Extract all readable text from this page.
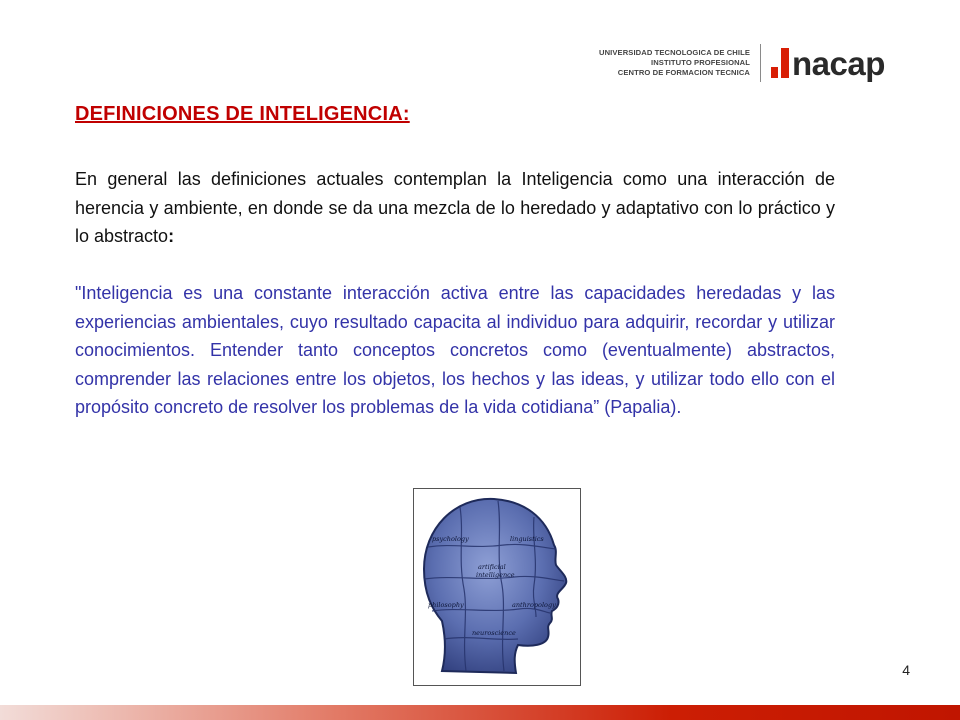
UNIVERSIDAD TECNOLOGICA DE CHILE
INSTITUTO PROFESIONAL
CENTRO DE FORMACION TECNICA nacap
DEFINICIONES DE INTELIGENCIA:

En general las definiciones actuales contemplan la Inteligencia como una interacción de herencia y ambiente, en donde se da una mezcla de lo heredado y adaptativo con lo práctico y lo abstracto:

"Inteligencia es una constante interacción activa entre las capacidades heredadas y las experiencias ambientales, cuyo resultado capacita al individuo para adquirir, recordar y utilizar conocimientos. Entender tanto conceptos concretos como (eventualmente) abstractos, comprender las relaciones entre los objetos, los hechos y las ideas, y utilizar todo ello con el propósito concreto de resolver los problemas de la vida cotidiana” (Papalia).

psychology	linguistics
artificial
intelligence
philosophy	anthropology
neuroscience
4
